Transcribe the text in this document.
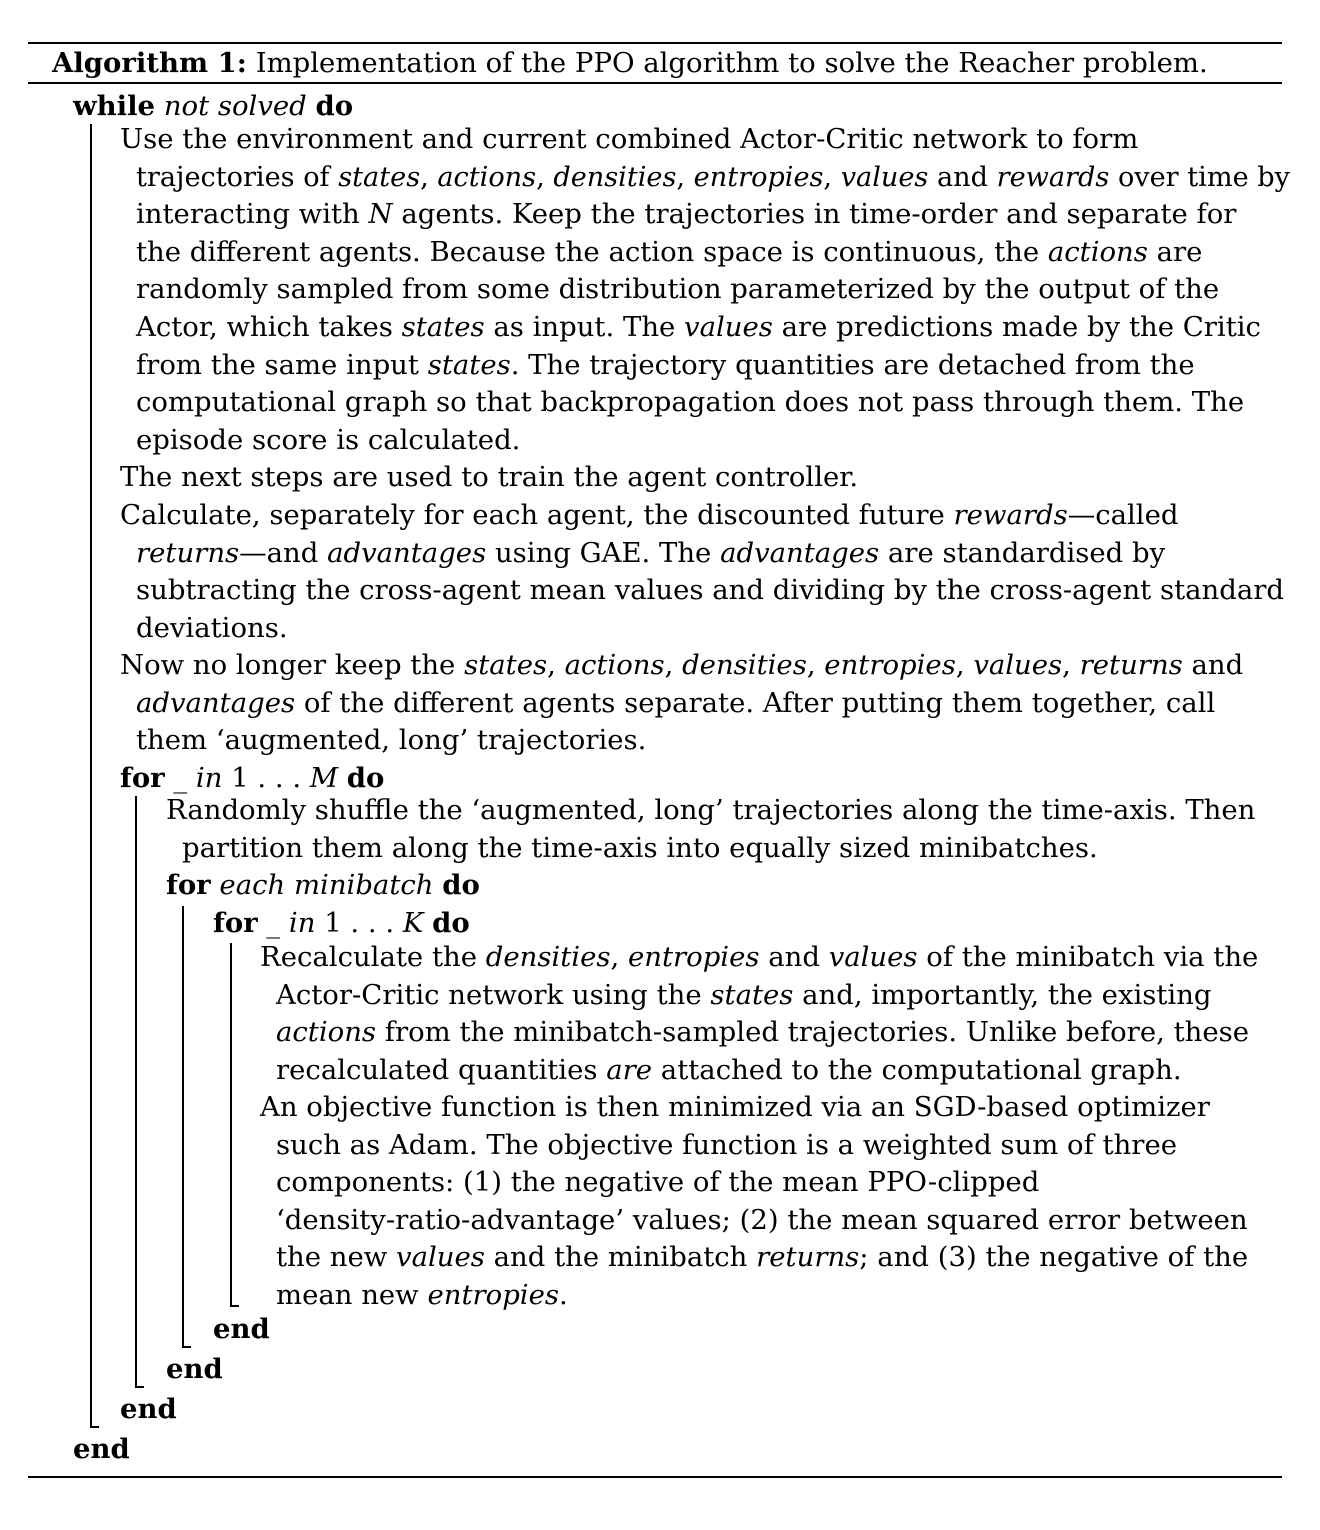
Algorithm 1: Implementation of the PPO algorithm to solve the Reacher problem.
while not solved do
for _ in 1 . . . M do
for each minibatch do
for _ in 1 . . . K do
end
end
end
end
Use the environment and current combined Actor-Critic network to form
trajectories of states, actions, densities, entropies, values and rewards over time by
interacting with N agents. Keep the trajectories in time-order and separate for
the different agents. Because the action space is continuous, the actions are
randomly sampled from some distribution parameterized by the output of the
Actor, which takes states as input. The values are predictions made by the Critic
from the same input states. The trajectory quantities are detached from the
computational graph so that backpropagation does not pass through them. The
episode score is calculated.
The next steps are used to train the agent controller.
Calculate, separately for each agent, the discounted future rewards—called
returns—and advantages using GAE. The advantages are standardised by
subtracting the cross-agent mean values and dividing by the cross-agent standard
deviations.
Now no longer keep the states, actions, densities, entropies, values, returns and
advantages of the different agents separate. After putting them together, call
them ‘augmented, long’ trajectories.
Randomly shuffle the ‘augmented, long’ trajectories along the time-axis. Then
partition them along the time-axis into equally sized minibatches.
Recalculate the densities, entropies and values of the minibatch via the
Actor-Critic network using the states and, importantly, the existing
actions from the minibatch-sampled trajectories. Unlike before, these
recalculated quantities are attached to the computational graph.
An objective function is then minimized via an SGD-based optimizer
such as Adam. The objective function is a weighted sum of three
components: (1) the negative of the mean PPO-clipped
‘density-ratio-advantage’ values; (2) the mean squared error between
the new values and the minibatch returns; and (3) the negative of the
mean new entropies.
